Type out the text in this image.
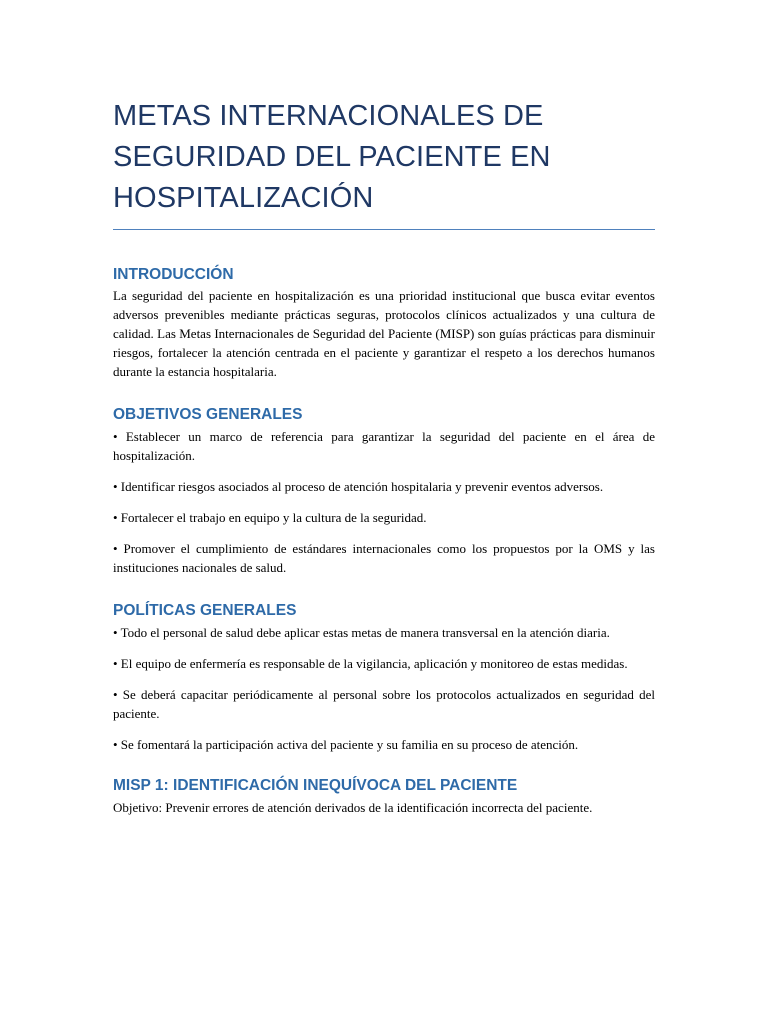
METAS INTERNACIONALES DE SEGURIDAD DEL PACIENTE EN HOSPITALIZACIÓN
INTRODUCCIÓN

La seguridad del paciente en hospitalización es una prioridad institucional que busca evitar eventos adversos prevenibles mediante prácticas seguras, protocolos clínicos actualizados y una cultura de calidad. Las Metas Internacionales de Seguridad del Paciente (MISP) son guías prácticas para disminuir riesgos, fortalecer la atención centrada en el paciente y garantizar el respeto a los derechos humanos durante la estancia hospitalaria.

OBJETIVOS GENERALES

• Establecer un marco de referencia para garantizar la seguridad del paciente en el área de hospitalización.

• Identificar riesgos asociados al proceso de atención hospitalaria y prevenir eventos adversos.

• Fortalecer el trabajo en equipo y la cultura de la seguridad.

• Promover el cumplimiento de estándares internacionales como los propuestos por la OMS y las instituciones nacionales de salud.

POLÍTICAS GENERALES

• Todo el personal de salud debe aplicar estas metas de manera transversal en la atención diaria.

• El equipo de enfermería es responsable de la vigilancia, aplicación y monitoreo de estas medidas.

• Se deberá capacitar periódicamente al personal sobre los protocolos actualizados en seguridad del paciente.

• Se fomentará la participación activa del paciente y su familia en su proceso de atención.

MISP 1: IDENTIFICACIÓN INEQUÍVOCA DEL PACIENTE

Objetivo: Prevenir errores de atención derivados de la identificación incorrecta del paciente.
